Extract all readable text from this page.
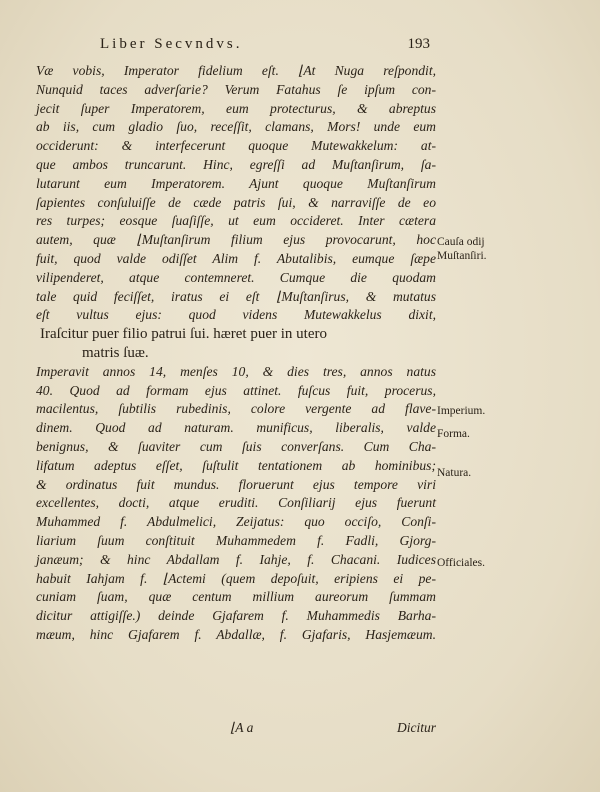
Liber Secvndvs.	193
Væ vobis, Imperator fidelium eſt. ⌊At Nuga reſpondit,
Nunquid taces adverſarie? Verum Fatahus ſe ipſum con-
jecit ſuper Imperatorem, eum protecturus, & abreptus
ab iis, cum gladio ſuo, receſſit, clamans, Mors! unde eum
occiderunt: & interfecerunt quoque Mutewakkelum: at-
que ambos truncarunt. Hinc, egreſſi ad Muſtanſirum, ſa-
lutarunt eum Imperatorem. Ajunt quoque Muſtanſirum
ſapientes conſuluiſſe de cæde patris ſui, & narraviſſe de eo
res turpes; eosque ſuaſiſſe, ut eum occideret. Inter cætera
autem, quæ ⌊Muſtanſirum filium ejus provocarunt, hoc
fuit, quod valde odiſſet Alim f. Abutalibis, eumque ſæpe
vilipenderet, atque contemneret. Cumque die quodam
tale quid feciſſet, iratus ei eſt ⌊Muſtanſirus, & mutatus
eſt vultus ejus: quod videns Mutewakkelus dixit,
Iraſcitur puer filio patrui ſui. hæret puer in utero
matris ſuæ.
Imperavit annos 14, menſes 10, & dies tres, annos natus
40. Quod ad formam ejus attinet. fuſcus fuit, procerus,
macilentus, ſubtilis rubedinis, colore vergente ad flave-
dinem. Quod ad naturam. munificus, liberalis, valde
benignus, & ſuaviter cum ſuis converſans. Cum Cha-
lifatum adeptus eſſet, ſuſtulit tentationem ab hominibus;
& ordinatus fuit mundus. floruerunt ejus tempore viri
excellentes, docti, atque eruditi. Conſiliarij ejus fuerunt
Muhammed f. Abdulmelici, Zeijatus: quo occiſo, Conſi-
liarium ſuum conſtituit Muhammedem f. Fadli, Gjorg-
janæum; & hinc Abdallam f. Iahje, f. Chacani. Iudices
habuit Iahjam f. ⌊Actemi (quem depoſuit, eripiens ei pe-
cuniam ſuam, quæ centum millium aureorum ſummam
dicitur attigiſſe.) deinde Gjafarem f. Muhammedis Barha-
mæum, hinc Gjafarem f. Abdallæ, f. Gjafaris, Hasjemæum.
Cauſa odij
Muſtanſiri.
Imperium.
Forma.
Natura.
Officiales.
⌊A a	Dicitur
